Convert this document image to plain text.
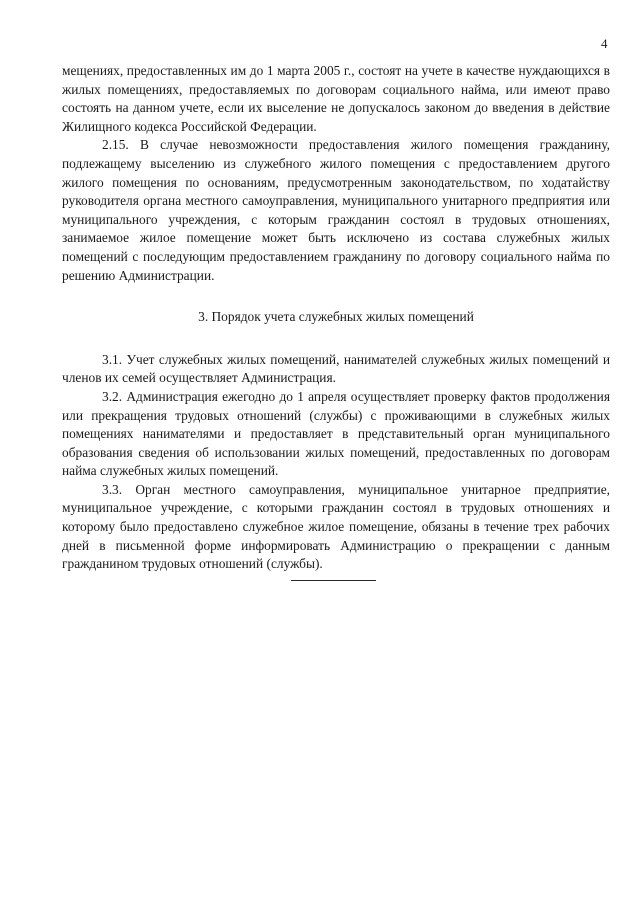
4

мещениях, предоставленных им до 1 марта 2005 г., состоят на учете в качестве нуждающихся в жилых помещениях, предоставляемых по договорам социального найма, или имеют право состоять на данном учете, если их выселение не допускалось законом до введения в действие Жилищного кодекса Российской Федерации.

2.15. В случае невозможности предоставления жилого помещения гражданину, подлежащему выселению из служебного жилого помещения с предоставлением другого жилого помещения по основаниям, предусмотренным законодательством, по ходатайству руководителя органа местного самоуправления, муниципального унитарного предприятия или муниципального учреждения, с которым гражданин состоял в трудовых отношениях, занимаемое жилое помещение может быть исключено из состава служебных жилых помещений с последующим предоставлением гражданину по договору социального найма по решению Администрации.

3. Порядок учета служебных жилых помещений

3.1. Учет служебных жилых помещений, нанимателей служебных жилых помещений и членов их семей осуществляет Администрация.

3.2. Администрация ежегодно до 1 апреля осуществляет проверку фактов продолжения или прекращения трудовых отношений (службы) с проживающими в служебных жилых помещениях нанимателями и предоставляет в представительный орган муниципального образования сведения об использовании жилых помещений, предоставленных по договорам найма служебных жилых помещений.

3.3. Орган местного самоуправления, муниципальное унитарное предприятие, муниципальное учреждение, с которыми гражданин состоял в трудовых отношениях и которому было предоставлено служебное жилое помещение, обязаны в течение трех рабочих дней в письменной форме информировать Администрацию о прекращении с данным гражданином трудовых отношений (службы).
